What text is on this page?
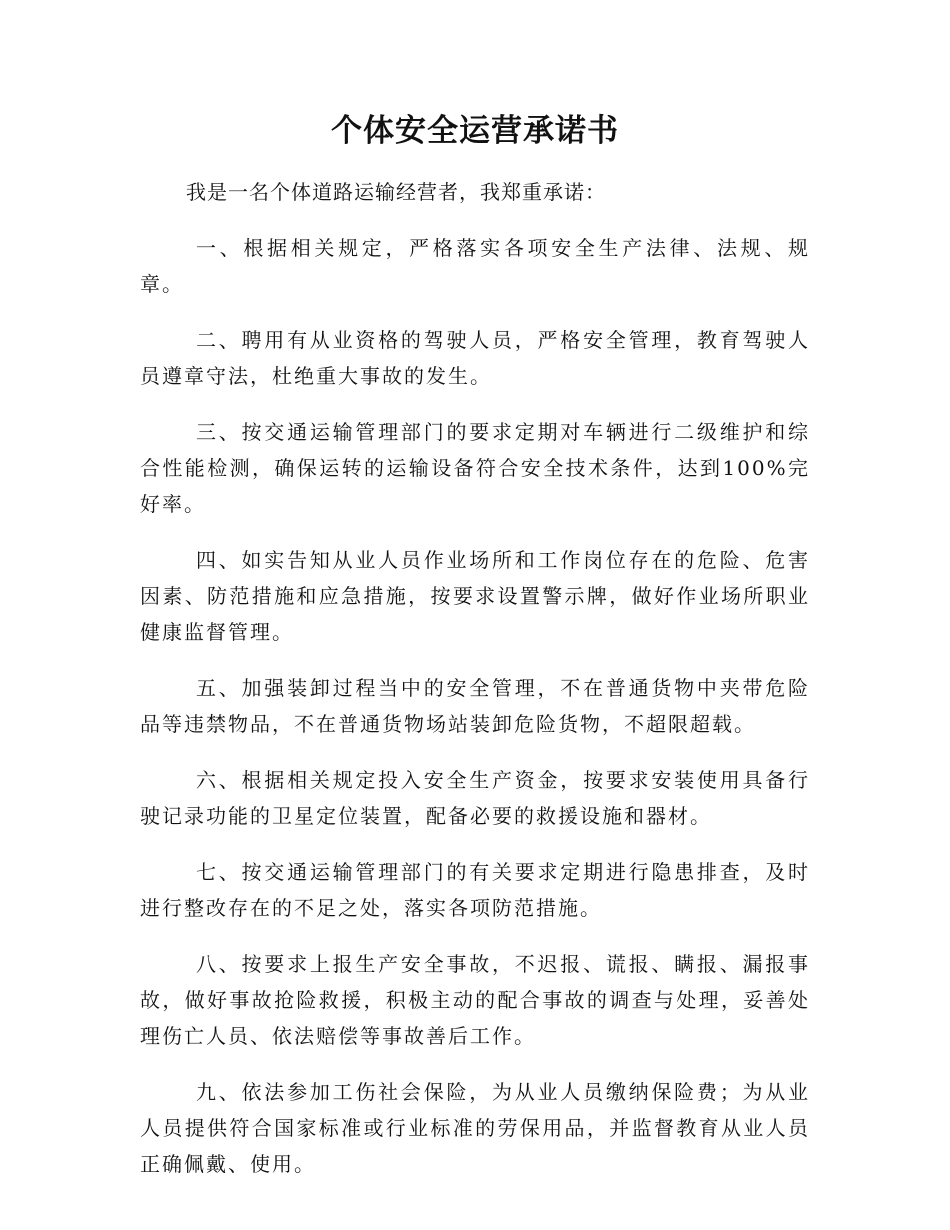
个体安全运营承诺书

我是一名个体道路运输经营者，我郑重承诺：

一、根据相关规定，严格落实各项安全生产法律、法规、规章。

二、聘用有从业资格的驾驶人员，严格安全管理，教育驾驶人员遵章守法，杜绝重大事故的发生。

三、按交通运输管理部门的要求定期对车辆进行二级维护和综合性能检测，确保运转的运输设备符合安全技术条件，达到100%完好率。

四、如实告知从业人员作业场所和工作岗位存在的危险、危害因素、防范措施和应急措施，按要求设置警示牌，做好作业场所职业健康监督管理。

五、加强装卸过程当中的安全管理，不在普通货物中夹带危险品等违禁物品，不在普通货物场站装卸危险货物，不超限超载。

六、根据相关规定投入安全生产资金，按要求安装使用具备行驶记录功能的卫星定位装置，配备必要的救援设施和器材。

七、按交通运输管理部门的有关要求定期进行隐患排查，及时进行整改存在的不足之处，落实各项防范措施。

八、按要求上报生产安全事故，不迟报、谎报、瞒报、漏报事故，做好事故抢险救援，积极主动的配合事故的调查与处理，妥善处理伤亡人员、依法赔偿等事故善后工作。

九、依法参加工伤社会保险，为从业人员缴纳保险费；为从业人员提供符合国家标准或行业标准的劳保用品，并监督教育从业人员正确佩戴、使用。
